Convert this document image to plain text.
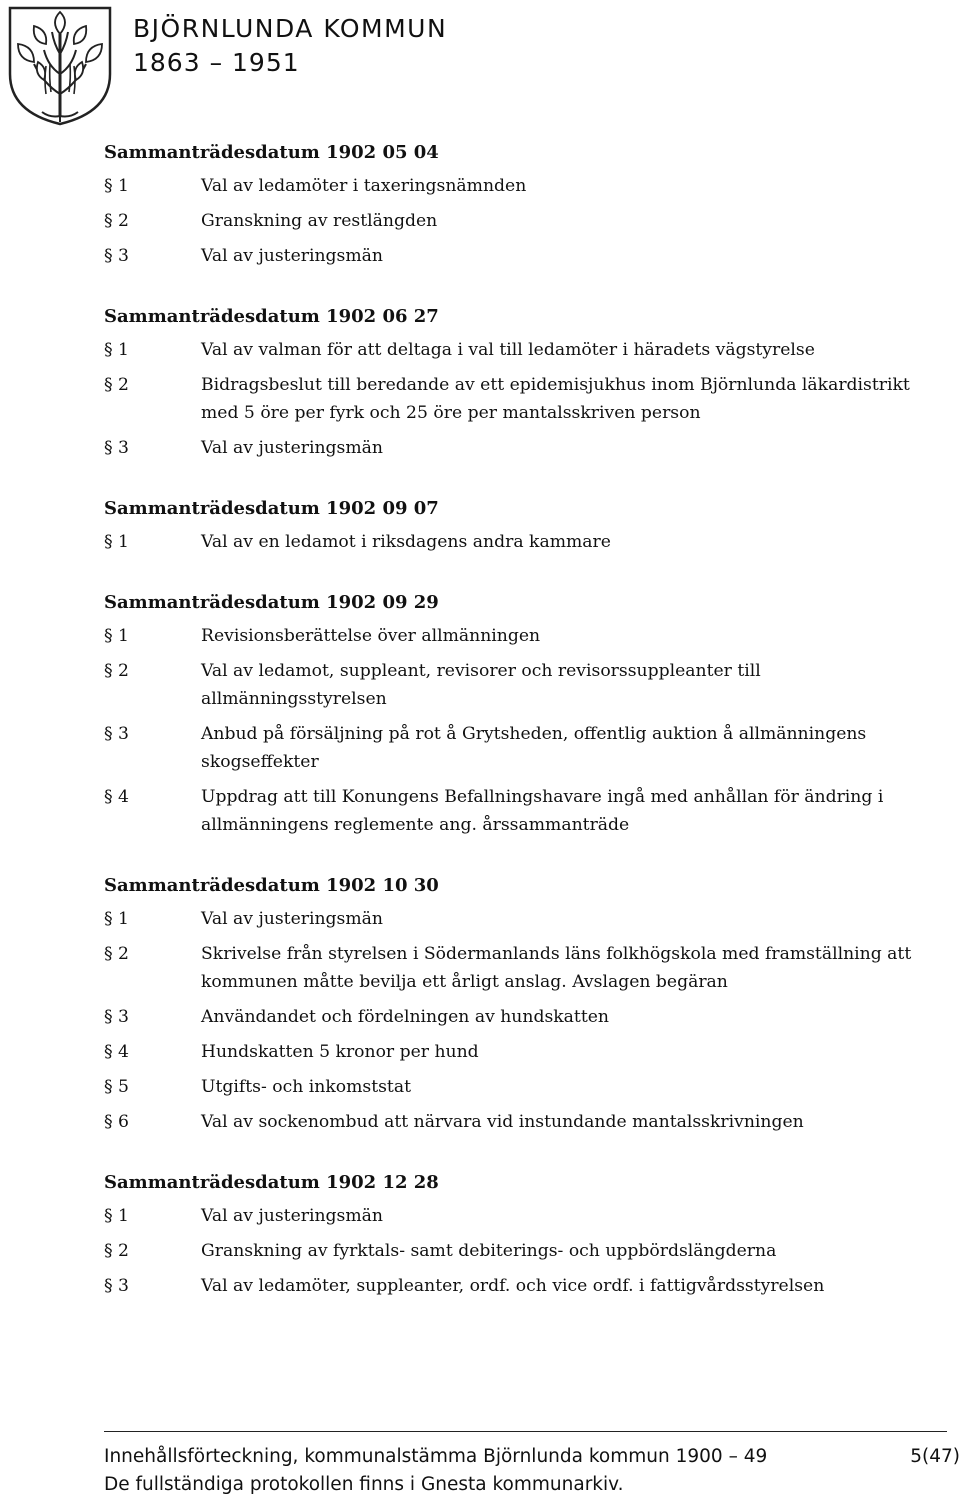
BJÖRNLUNDA KOMMUN
1863 – 1951
Sammanträdesdatum 1902 05 04
§ 1	Val av ledamöter i taxeringsnämnden
§ 2	Granskning av restlängden
§ 3	Val av justeringsmän
Sammanträdesdatum 1902 06 27
§ 1	Val av valman för att deltaga i val till ledamöter i häradets vägstyrelse
§ 2	Bidragsbeslut till beredande av ett epidemisjukhus inom Björnlunda läkardistrikt med 5 öre per fyrk och 25 öre per mantalsskriven person
§ 3	Val av justeringsmän
Sammanträdesdatum 1902 09 07
§ 1	Val av en ledamot i riksdagens andra kammare
Sammanträdesdatum 1902 09 29
§ 1	Revisionsberättelse över allmänningen
§ 2	Val av ledamot, suppleant, revisorer och revisorssuppleanter till allmänningsstyrelsen
§ 3	Anbud på försäljning på rot å Grytsheden, offentlig auktion å allmänningens skogseffekter
§ 4	Uppdrag att till Konungens Befallningshavare ingå med anhållan för ändring i allmänningens reglemente ang. årssammanträde
Sammanträdesdatum 1902 10 30
§ 1	Val av justeringsmän
§ 2	Skrivelse från styrelsen i Södermanlands läns folkhögskola med framställning att kommunen måtte bevilja ett årligt anslag. Avslagen begäran
§ 3	Användandet och fördelningen av hundskatten
§ 4	Hundskatten 5 kronor per hund
§ 5	Utgifts- och inkomststat
§ 6	Val av sockenombud att närvara vid instundande mantalsskrivningen
Sammanträdesdatum 1902 12 28
§ 1	Val av justeringsmän
§ 2	Granskning av fyrktals- samt debiterings- och uppbördslängderna
§ 3	Val av ledamöter, suppleanter, ordf. och vice ordf. i fattigvårdsstyrelsen
Innehållsförteckning, kommunalstämma Björnlunda kommun 1900 – 49
De fullständiga protokollen finns i Gnesta kommunarkiv.
5(47)
